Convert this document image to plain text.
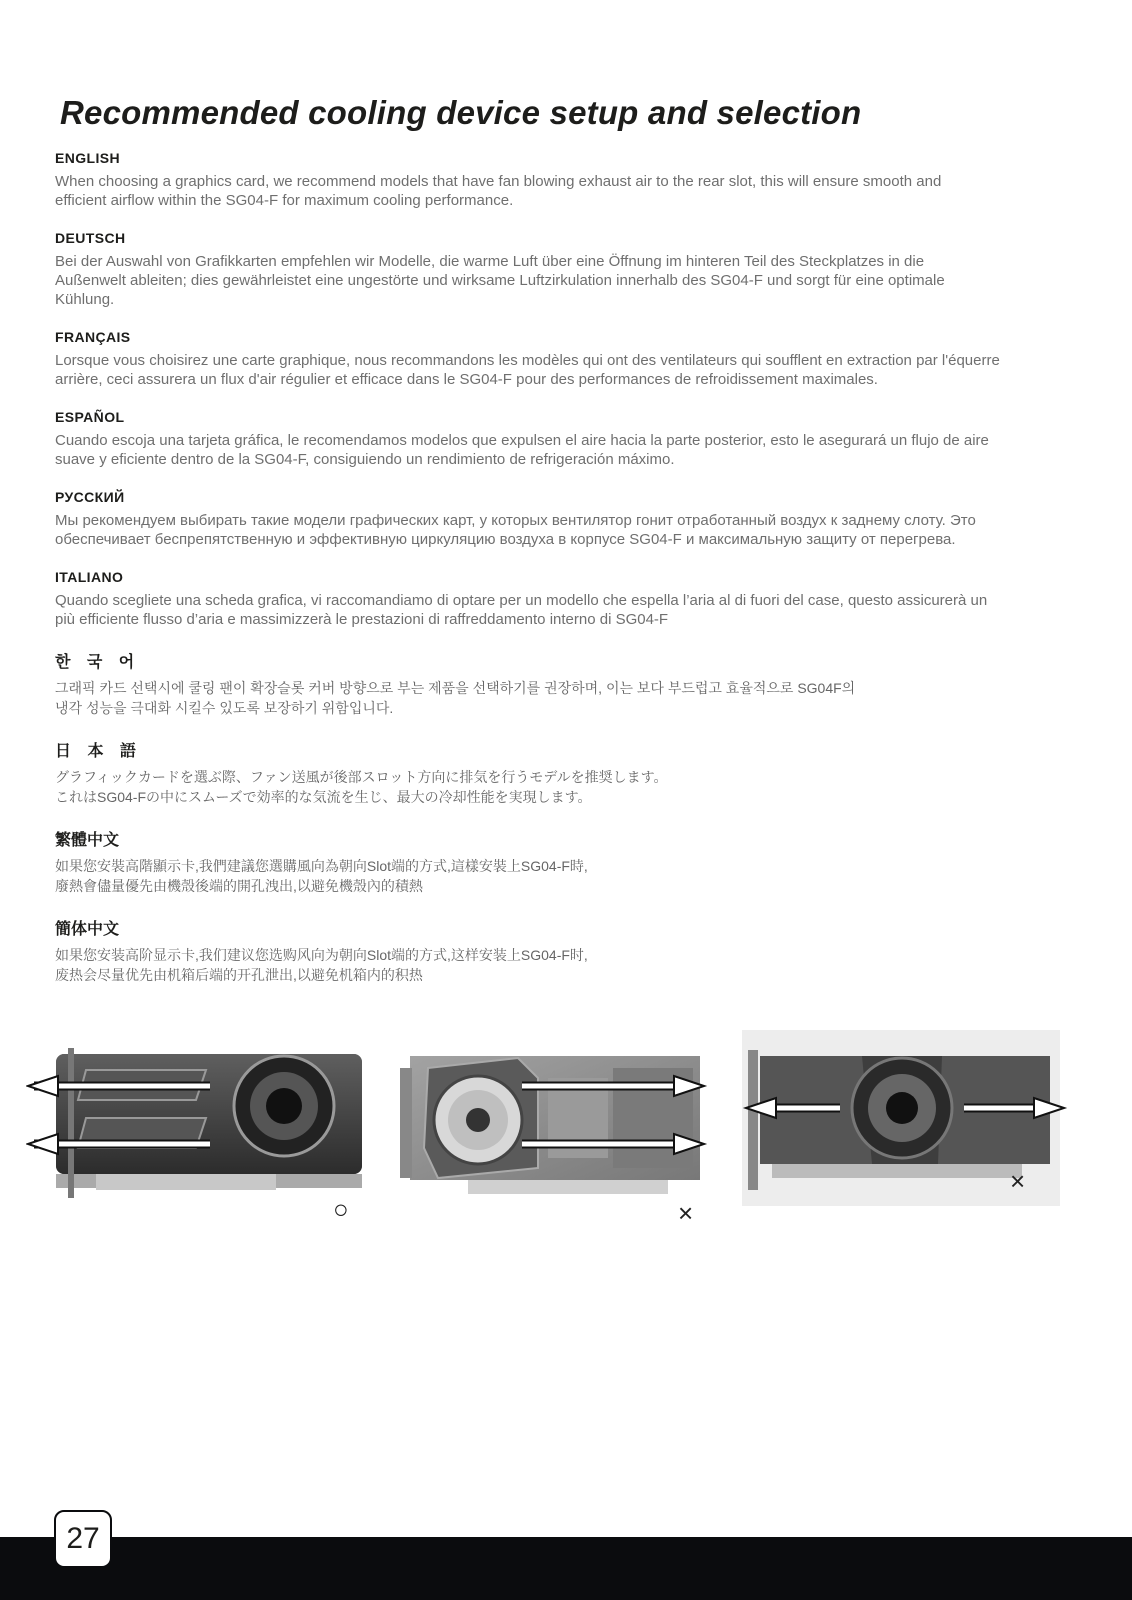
Recommended cooling device setup and selection
ENGLISH
When choosing a graphics card, we recommend models that have fan blowing exhaust air to the rear slot, this will ensure smooth and
efficient airflow within the SG04-F for maximum cooling performance.
DEUTSCH
Bei der Auswahl von Grafikkarten empfehlen wir Modelle, die warme Luft über eine Öffnung im hinteren Teil des Steckplatzes in die
Außenwelt ableiten; dies gewährleistet eine ungestörte und wirksame Luftzirkulation innerhalb des SG04-F und sorgt für eine optimale
Kühlung.
FRANÇAIS
Lorsque vous choisirez une carte graphique, nous recommandons les modèles qui ont des ventilateurs qui soufflent en extraction par l'équerre
arrière, ceci assurera un flux d'air régulier et efficace dans le SG04-F pour des performances de refroidissement maximales.
ESPAÑOL
Cuando escoja una tarjeta gráfica, le recomendamos modelos que expulsen el aire hacia la parte posterior, esto le asegurará un flujo de aire
suave y eficiente dentro de la SG04-F, consiguiendo un rendimiento de refrigeración máximo.
РУССКИЙ
Мы рекомендуем выбирать такие модели графических карт, у которых вентилятор гонит отработанный воздух к заднему слоту. Это
обеспечивает беспрепятственную и эффективную циркуляцию воздуха в корпусе SG04-F и максимальную защиту от перегрева.
ITALIANO
Quando scegliete una scheda grafica, vi raccomandiamo di optare per un modello che espella l’aria al di fuori del case, questo assicurerà un
più efficiente flusso d’aria e massimizzerà le prestazioni di raffreddamento interno di SG04-F
한 국 어
그래픽 카드 선택시에 쿨링 팬이 확장슬롯 커버 방향으로 부는 제품을 선택하기를 권장하며, 이는 보다 부드럽고 효율적으로 SG04F의
냉각 성능을 극대화 시킬수 있도록 보장하기 위함입니다.
日 本 語
グラフィックカードを選ぶ際、ファン送風が後部スロット方向に排気を行うモデルを推奨します。
これはSG04-Fの中にスムーズで効率的な気流を生じ、最大の冷却性能を実現します。
繁體中文
如果您安裝高階顯示卡,我們建議您選購風向為朝向Slot端的方式,這樣安裝上SG04-F時,
廢熱會儘量優先由機殼後端的開孔洩出,以避免機殼內的積熱
簡体中文
如果您安装高阶显示卡,我们建议您选购风向为朝向Slot端的方式,这样安装上SG04-F时,
废热会尽量优先由机箱后端的开孔泄出,以避免机箱内的积热
○	×
×
27
